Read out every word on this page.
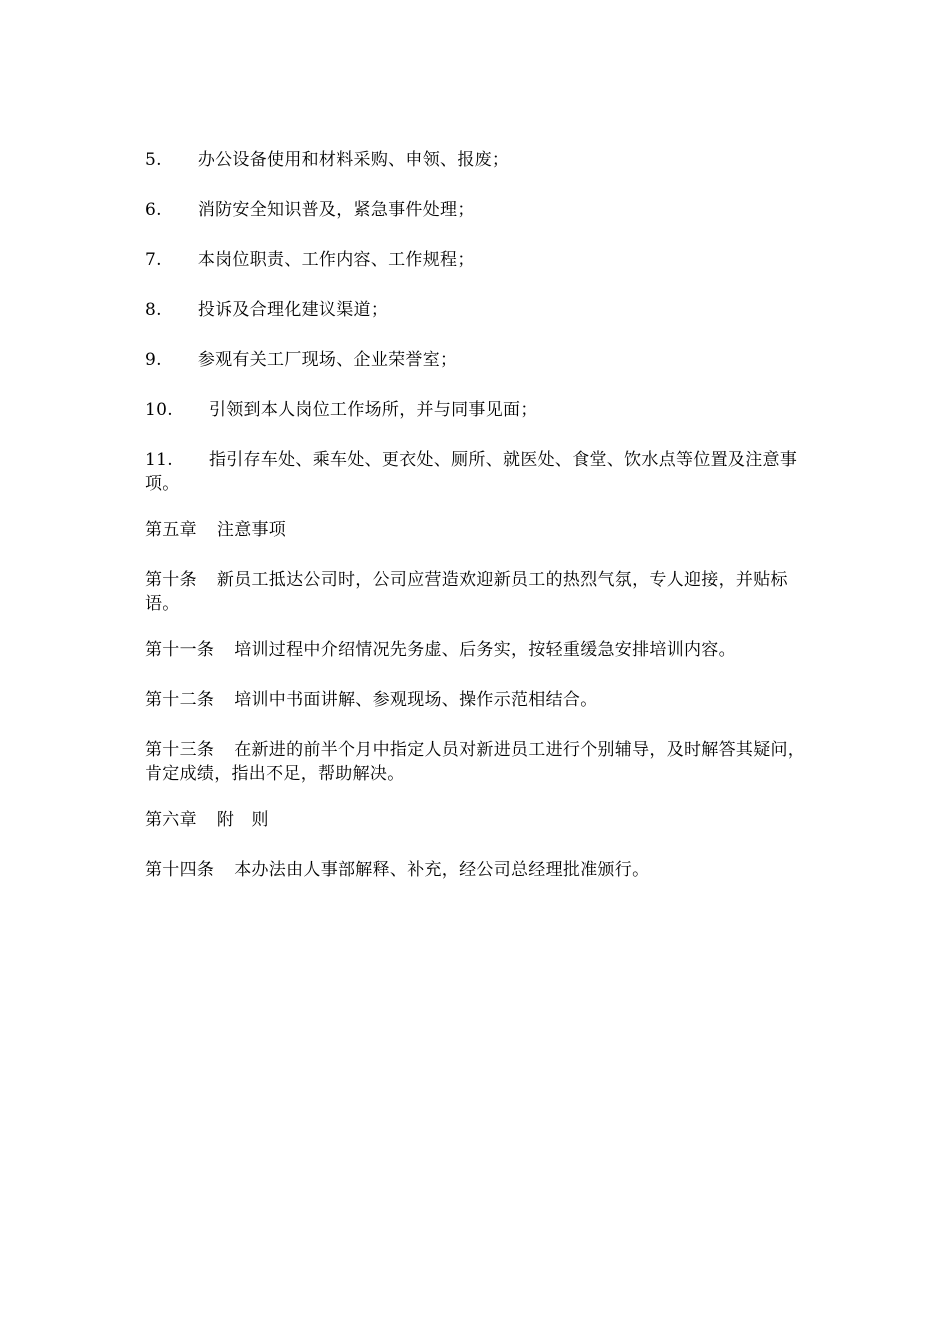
5. 办公设备使用和材料采购、申领、报废；

6. 消防安全知识普及，紧急事件处理；

7. 本岗位职责、工作内容、工作规程；

8. 投诉及合理化建议渠道；

9. 参观有关工厂现场、企业荣誉室；

10. 引领到本人岗位工作场所，并与同事见面；

11. 指引存车处、乘车处、更衣处、厕所、就医处、食堂、饮水点等位置及注意事项。

第五章 注意事项

第十条 新员工抵达公司时，公司应营造欢迎新员工的热烈气氛，专人迎接，并贴标语。

第十一条 培训过程中介绍情况先务虚、后务实，按轻重缓急安排培训内容。

第十二条 培训中书面讲解、参观现场、操作示范相结合。

第十三条 在新进的前半个月中指定人员对新进员工进行个别辅导，及时解答其疑问，肯定成绩，指出不足，帮助解决。

第六章 附　则

第十四条 本办法由人事部解释、补充，经公司总经理批准颁行。
